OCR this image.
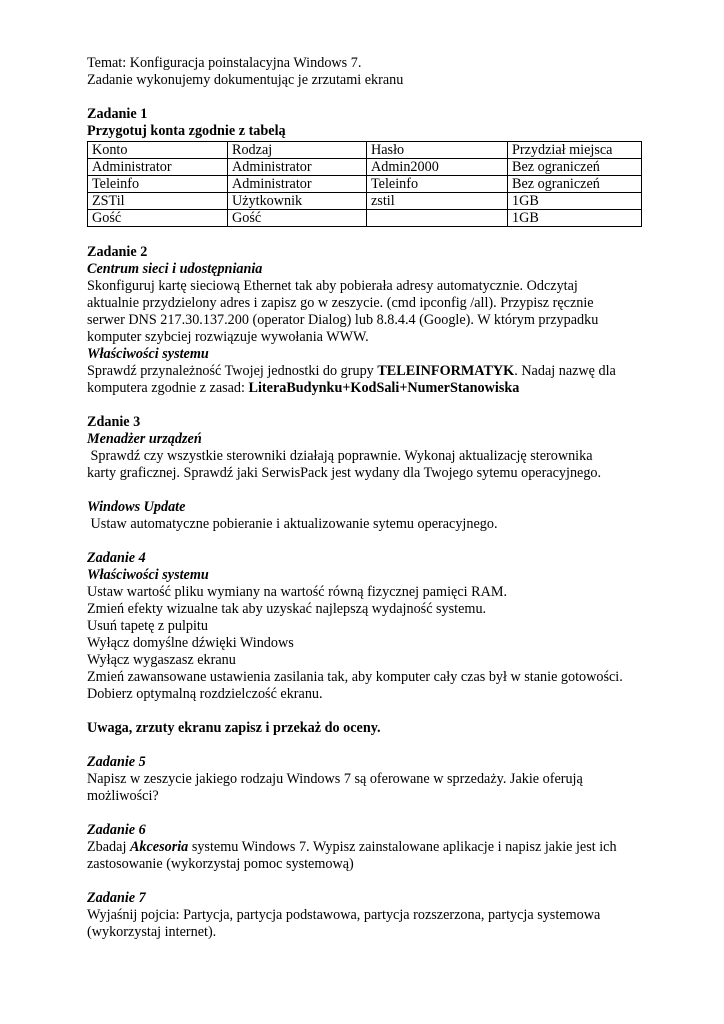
Temat: Konfiguracja poinstalacyjna Windows 7.

Zadanie wykonujemy dokumentując je zrzutami ekranu

Zadanie 1

Przygotuj konta zgodnie z tabelą

Konto	Rodzaj	Hasło	Przydział miejsca
Administrator	Administrator	Admin2000	Bez ograniczeń
Teleinfo	Administrator	Teleinfo	Bez ograniczeń
ZSTil	Użytkownik	zstil	1GB
Gość	Gość		1GB

Zadanie 2

Centrum sieci i udostępniania

Skonfiguruj kartę sieciową Ethernet tak aby pobierała adresy automatycznie. Odczytaj

aktualnie przydzielony adres i zapisz go w zeszycie. (cmd ipconfig /all). Przypisz ręcznie

serwer DNS 217.30.137.200 (operator Dialog) lub 8.8.4.4 (Google). W którym przypadku

komputer szybciej rozwiązuje wywołania WWW.

Właściwości systemu

Sprawdź przynależność Twojej jednostki do grupy TELEINFORMATYK. Nadaj nazwę dla

komputera zgodnie z zasad: LiteraBudynku+KodSali+NumerStanowiska

Zdanie 3

Menadżer urządzeń

Sprawdź czy wszystkie sterowniki działają poprawnie. Wykonaj aktualizację sterownika

karty graficznej. Sprawdź jaki SerwisPack jest wydany dla Twojego sytemu operacyjnego.

Windows Update

Ustaw automatyczne pobieranie i aktualizowanie sytemu operacyjnego.

Zadanie 4

Właściwości systemu

Ustaw wartość pliku wymiany na wartość równą fizycznej pamięci RAM.

Zmień efekty wizualne tak aby uzyskać najlepszą wydajność systemu.

Usuń tapetę z pulpitu

Wyłącz domyślne dźwięki Windows

Wyłącz wygaszasz ekranu

Zmień zawansowane ustawienia zasilania tak, aby komputer cały czas był w stanie gotowości.

Dobierz optymalną rozdzielczość ekranu.

Uwaga, zrzuty ekranu zapisz i przekaż do oceny.

Zadanie 5

Napisz w zeszycie jakiego rodzaju Windows 7 są oferowane w sprzedaży. Jakie oferują

możliwości?

Zadanie 6

Zbadaj Akcesoria systemu Windows 7. Wypisz zainstalowane aplikacje i napisz jakie jest ich

zastosowanie (wykorzystaj pomoc systemową)

Zadanie 7

Wyjaśnij pojcia: Partycja, partycja podstawowa, partycja rozszerzona, partycja systemowa

(wykorzystaj internet).
